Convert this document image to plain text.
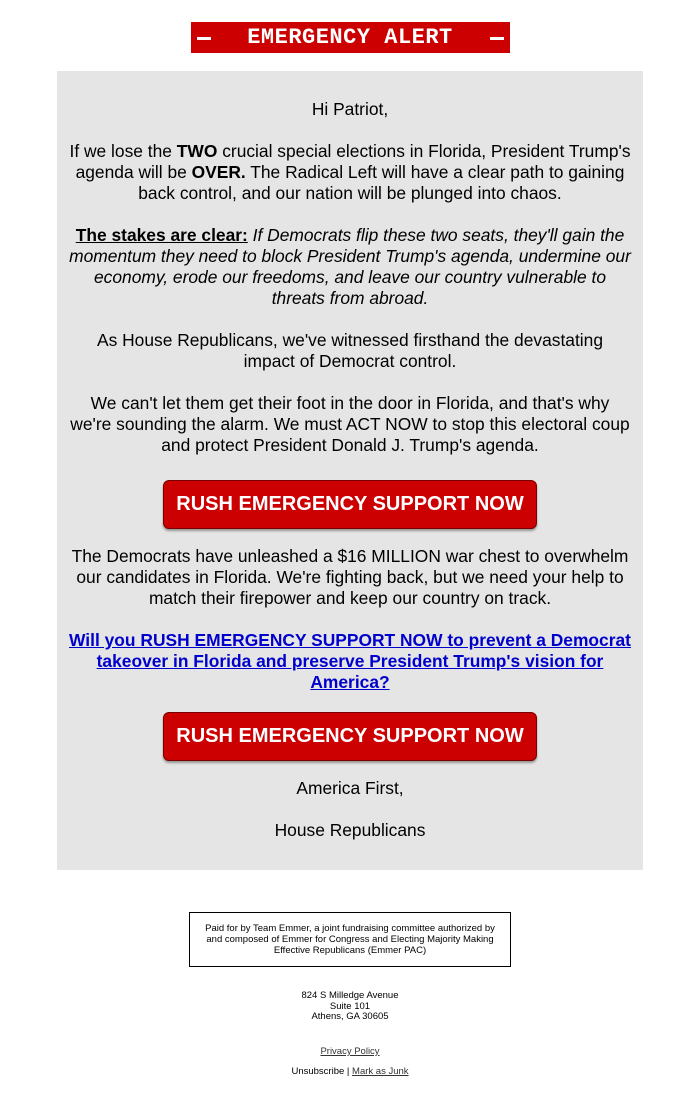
EMERGENCY ALERT

Hi Patriot,

If we lose the TWO crucial special elections in Florida, President Trump's agenda will be OVER. The Radical Left will have a clear path to gaining back control, and our nation will be plunged into chaos.

The stakes are clear: If Democrats flip these two seats, they'll gain the momentum they need to block President Trump's agenda, undermine our economy, erode our freedoms, and leave our country vulnerable to threats from abroad.

As House Republicans, we've witnessed firsthand the devastating impact of Democrat control.

We can't let them get their foot in the door in Florida, and that's why we're sounding the alarm. We must ACT NOW to stop this electoral coup and protect President Donald J. Trump's agenda.

RUSH EMERGENCY SUPPORT NOW

The Democrats have unleashed a $16 MILLION war chest to overwhelm our candidates in Florida. We're fighting back, but we need your help to match their firepower and keep our country on track.

Will you RUSH EMERGENCY SUPPORT NOW to prevent a Democrat takeover in Florida and preserve President Trump's vision for America?

RUSH EMERGENCY SUPPORT NOW

America First,

House Republicans

Paid for by Team Emmer, a joint fundraising committee authorized by and composed of Emmer for Congress and Electing Majority Making Effective Republicans (Emmer PAC)
824 S Milledge Avenue
Suite 101
Athens, GA 30605
Privacy Policy
Unsubscribe | Mark as Junk
